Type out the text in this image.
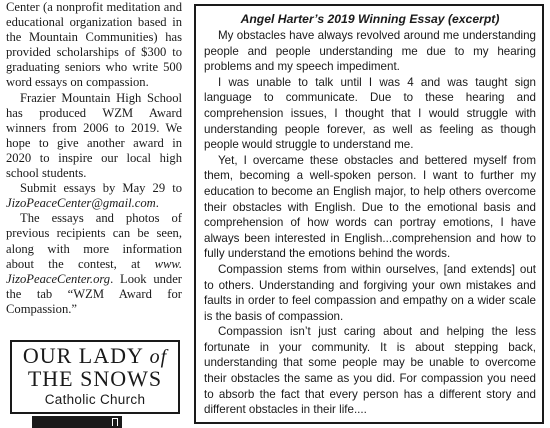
Center (a nonprofit meditation and educational organization based in the Mountain Communities) has provided scholarships of $300 to graduating seniors who write 500 word essays on compassion.

Frazier Mountain High School has produced WZM Award winners from 2006 to 2019. We hope to give another award in 2020 to inspire our local high school students.

Submit essays by May 29 to JizoPeaceCenter@gmail.com.

The essays and photos of previous recipients can be seen, along with more information about the contest, at www. JizoPeaceCenter.org. Look under the tab “WZM Award for Compassion.”

OUR LADY of
THE SNOWS
Catholic Church
Angel Harter’s 2019 Winning Essay (excerpt)

My obstacles have always revolved around me understanding people and people understanding me due to my hearing problems and my speech impediment.

I was unable to talk until I was 4 and was taught sign language to communicate. Due to these hearing and comprehension issues, I thought that I would struggle with understanding people forever, as well as feeling as though people would struggle to understand me.

Yet, I overcame these obstacles and bettered myself from them, becoming a well-spoken person. I want to further my education to become an English major, to help others overcome their obstacles with English. Due to the emotional basis and comprehension of how words can portray emotions, I have always been interested in English...comprehension and how to fully understand the emotions behind the words.

Compassion stems from within ourselves, [and extends] out to others. Understanding and forgiving your own mistakes and faults in order to feel compassion and empathy on a wider scale is the basis of compassion.

Compassion isn’t just caring about and helping the less fortunate in your community. It is about stepping back, understanding that some people may be unable to overcome their obstacles the same as you did. For compassion you need to absorb the fact that every person has a different story and different obstacles in their life....
